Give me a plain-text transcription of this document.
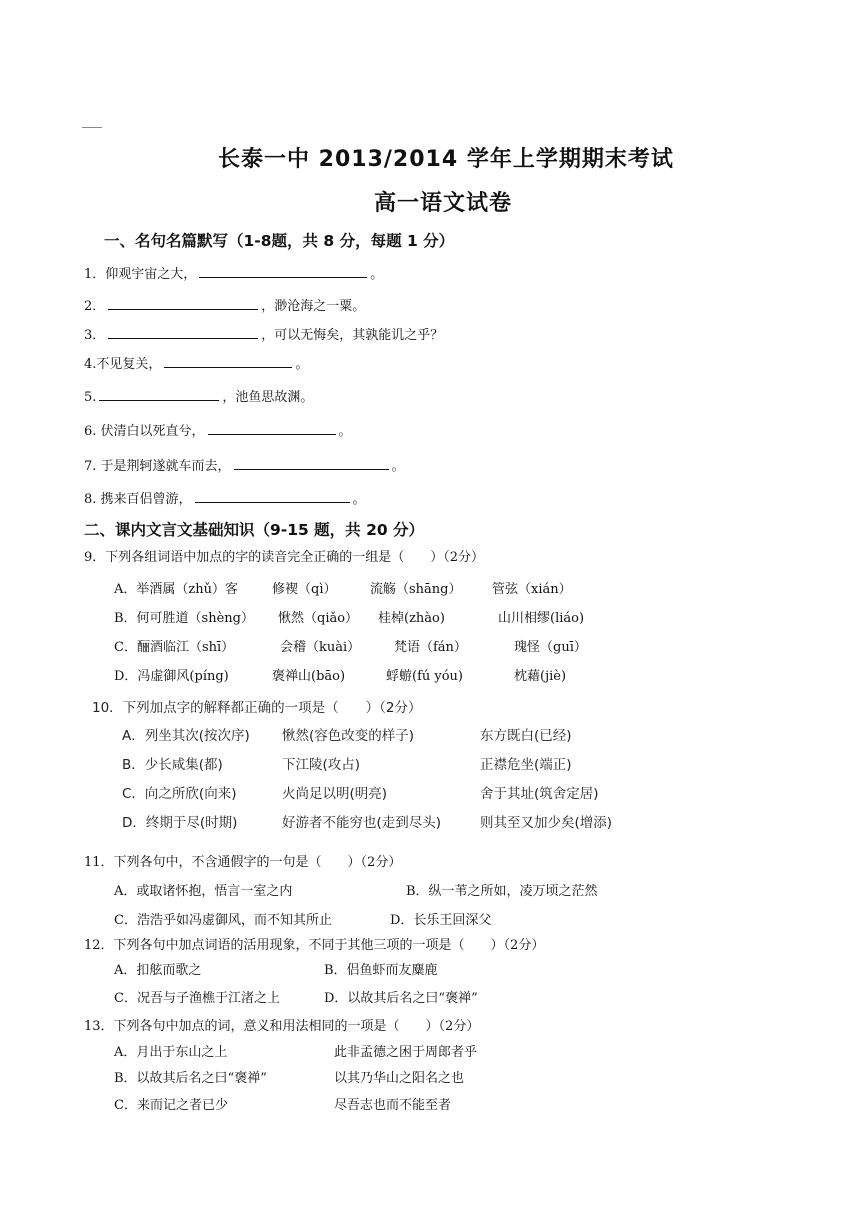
长泰一中 2013/2014 学年上学期期末考试
高一语文试卷
一、名句名篇默写（1-8题，共 8 分，每题 1 分）
1．仰观宇宙之大，	。
2．	，渺沧海之一粟。
3．	，可以无悔矣，其孰能讥之乎？
4.不见复关，	。
5.	，池鱼思故渊。
6. 伏清白以死直兮，	。
7. 于是荆轲遂就车而去，	。
8. 携来百侣曾游，	。
二、课内文言文基础知识（9-15 题，共 20 分）
9．下列各组词语中加点的字的读音完全正确的一组是（　　）（2分）
A．举酒属（zhǔ）客	修褉（qì）	流觞（shāng） 管弦（xián）
B．何可胜道（shèng） 愀然（qiǎo） 桂棹(zhào)	山川相缪(liáo)
C．酾酒临江（shī）	会稽（kuài）	梵语（fán）	瑰怪（guī）
D．冯虚御风(píng)	褒禅山(bāo)	蜉蝣(fú yóu)	枕藉(jiè)
10．下列加点字的解释都正确的一项是（　　）（2分）
A．列坐其次(按次序) 愀然(容色改变的样子)	东方既白(已经)
B．少长咸集(都)	下江陵(攻占)	正襟危坐(端正)
C．向之所欣(向来)	火尚足以明(明亮)	舍于其址(筑舍定居)
D．终期于尽(时期)	好游者不能穷也(走到尽头)	则其至又加少矣(增添)
11．下列各句中，不含通假字的一句是（　　）（2分）
A．或取诸怀抱，悟言一室之内	B．纵一苇之所如，凌万顷之茫然
C．浩浩乎如冯虚御风，而不知其所止	D．长乐王回深父
12．下列各句中加点词语的活用现象，不同于其他三项的一项是（　　）（2分）
A．扣舷而歌之	B．侣鱼虾而友麋鹿
C．况吾与子渔樵于江渚之上	D．以故其后名之曰“褒禅”
13．下列各句中加点的词，意义和用法相同的一项是（　　）（2分）
A．月出于东山之上	此非孟德之困于周郎者乎
B．以故其后名之曰“褒禅”	以其乃华山之阳名之也
C．来而记之者已少	尽吾志也而不能至者
